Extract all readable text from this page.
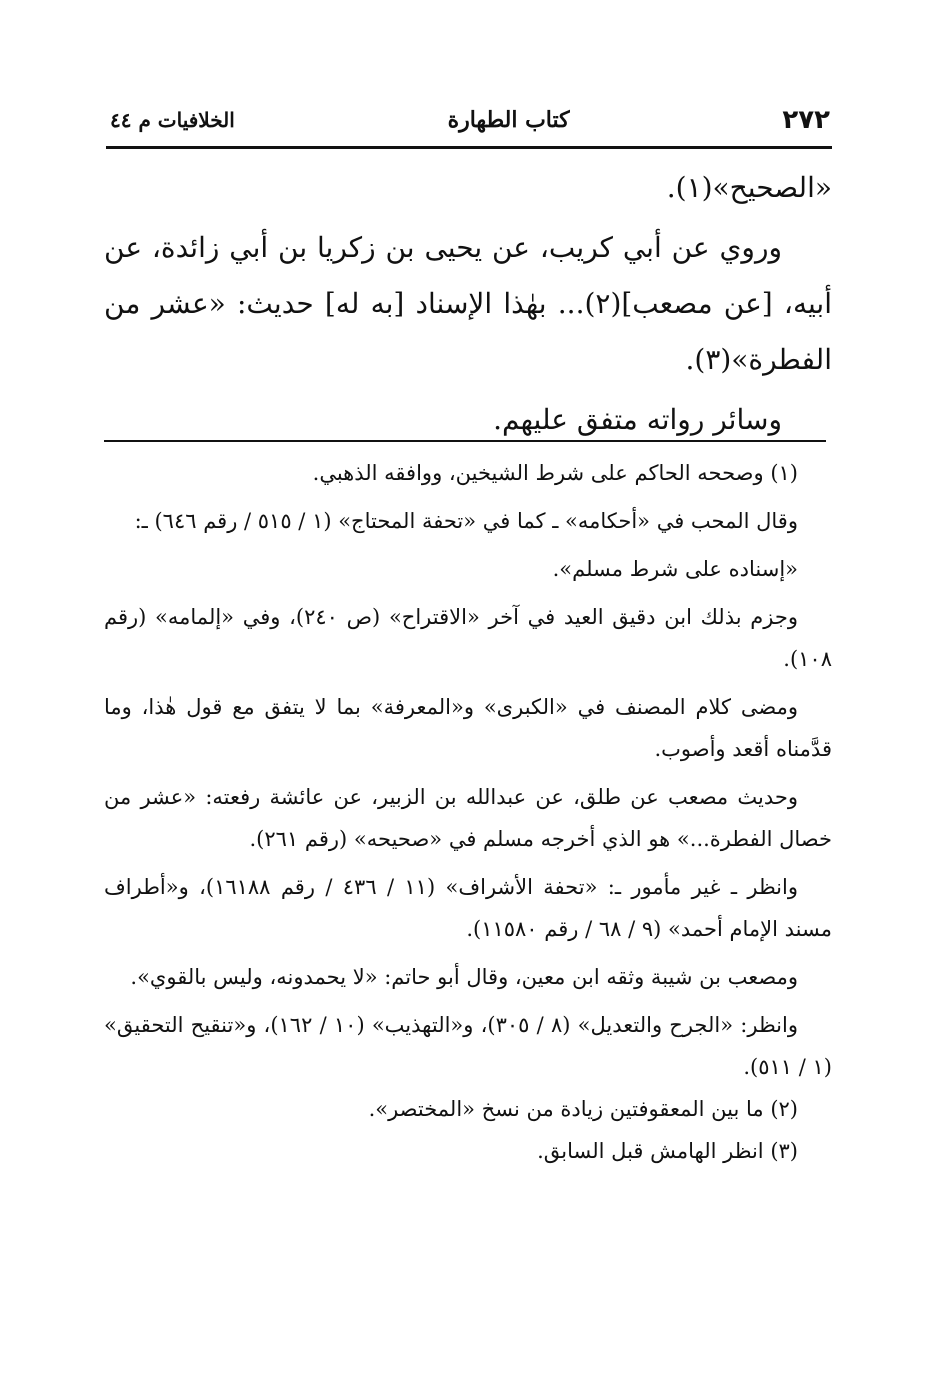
٢٧٢
كتاب الطهارة
الخلافيات م ٤٤

«الصحيح»(١).

وروي عن أبي كريب، عن يحيى بن زكريا بن أبي زائدة، عن أبيه، [عن مصعب](٢)... بهٰذا الإسناد [به له] حديث: «عشر من الفطرة»(٣).

وسائر رواته متفق عليهم.

(١) وصححه الحاكم على شرط الشيخين، ووافقه الذهبي.

وقال المحب في «أحكامه» ـ كما في «تحفة المحتاج» (١ / ٥١٥ / رقم ٦٤٦) ـ:

«إسناده على شرط مسلم».

وجزم بذلك ابن دقيق العيد في آخر «الاقتراح» (ص ٢٤٠)، وفي «إلمامه» (رقم ١٠٨).

ومضى كلام المصنف في «الكبرى» و«المعرفة» بما لا يتفق مع قول هٰذا، وما قدَّمناه أقعد وأصوب.

وحديث مصعب عن طلق، عن عبدالله بن الزبير، عن عائشة رفعته: «عشر من خصال الفطرة...» هو الذي أخرجه مسلم في «صحيحه» (رقم ٢٦١).

وانظر ـ غير مأمور ـ: «تحفة الأشراف» (١١ / ٤٣٦ / رقم ١٦١٨٨)، و«أطراف مسند الإمام أحمد» (٩ / ٦٨ / رقم ١١٥٨٠).

ومصعب بن شيبة وثقه ابن معين، وقال أبو حاتم: «لا يحمدونه، وليس بالقوي».

وانظر: «الجرح والتعديل» (٨ / ٣٠٥)، و«التهذيب» (١٠ / ١٦٢)، و«تنقيح التحقيق» (١ / ٥١١).

(٢) ما بين المعقوفتين زيادة من نسخ «المختصر».

(٣) انظر الهامش قبل السابق.
